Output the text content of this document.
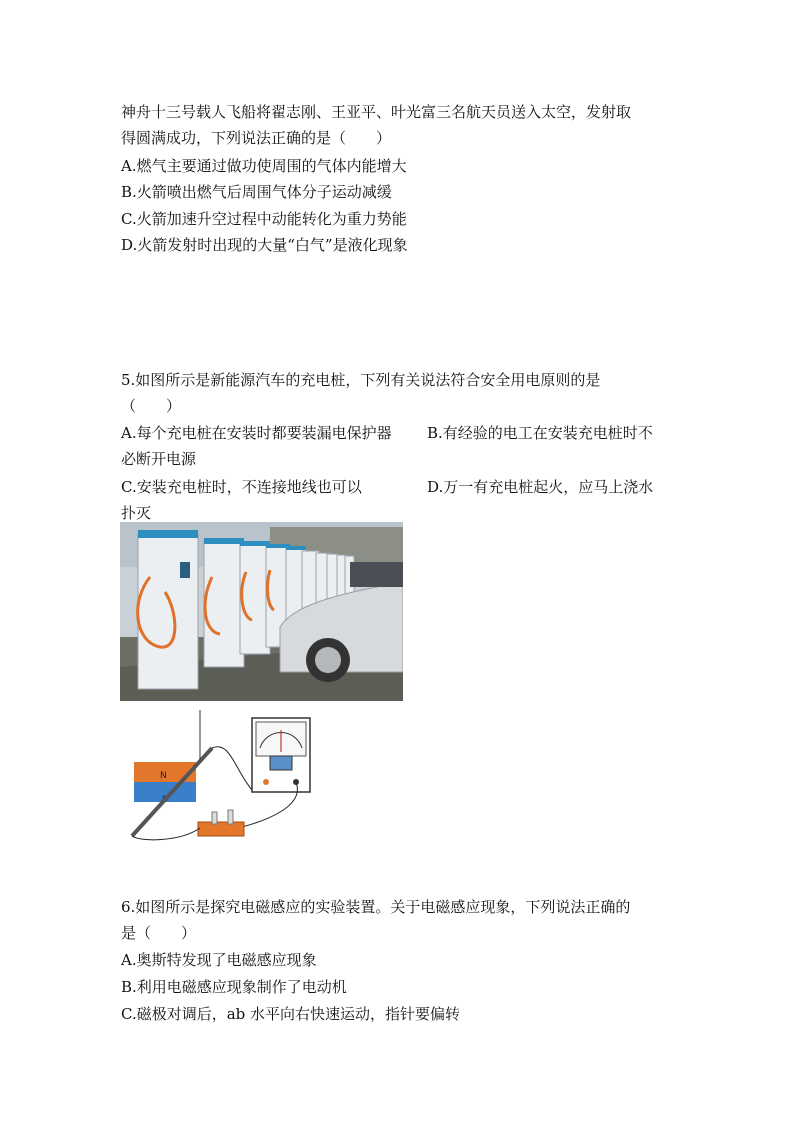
神舟十三号载人飞船将翟志刚、王亚平、叶光富三名航天员送入太空，发射取
得圆满成功，下列说法正确的是（　　）
A.燃气主要通过做功使周围的气体内能增大
B.火箭喷出燃气后周围气体分子运动减缓
C.火箭加速升空过程中动能转化为重力势能
D.火箭发射时出现的大量“白气”是液化现象
5.如图所示是新能源汽车的充电桩，下列有关说法符合安全用电原则的是
（　　）
A.每个充电桩在安装时都要装漏电保护器 B.有经验的电工在安装充电桩时不
必断开电源
C.安装充电桩时，不连接地线也可以	D.万一有充电桩起火，应马上浇水
扑灭
N
6.如图所示是探究电磁感应的实验装置。关于电磁感应现象，下列说法正确的
是（　　）
A.奥斯特发现了电磁感应现象
B.利用电磁感应现象制作了电动机
C.磁极对调后，ab 水平向右快速运动，指针要偏转
